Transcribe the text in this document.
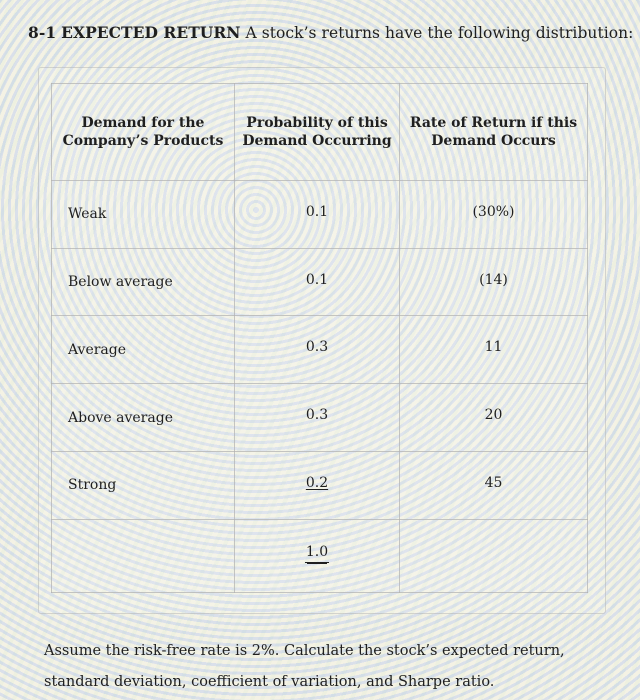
8-1 EXPECTED RETURN A stock’s returns have the following distribution:
Demand for the Company’s Products	Probability of this Demand Occurring	Rate of Return if this Demand Occurs
Weak	0.1	(30%)
Below average	0.1	(14)
Average	0.3	11
Above average	0.3	20
Strong	0.2	45
	1.0	
Assume the risk-free rate is 2%. Calculate the stock’s expected return, standard deviation, coefficient of variation, and Sharpe ratio.
